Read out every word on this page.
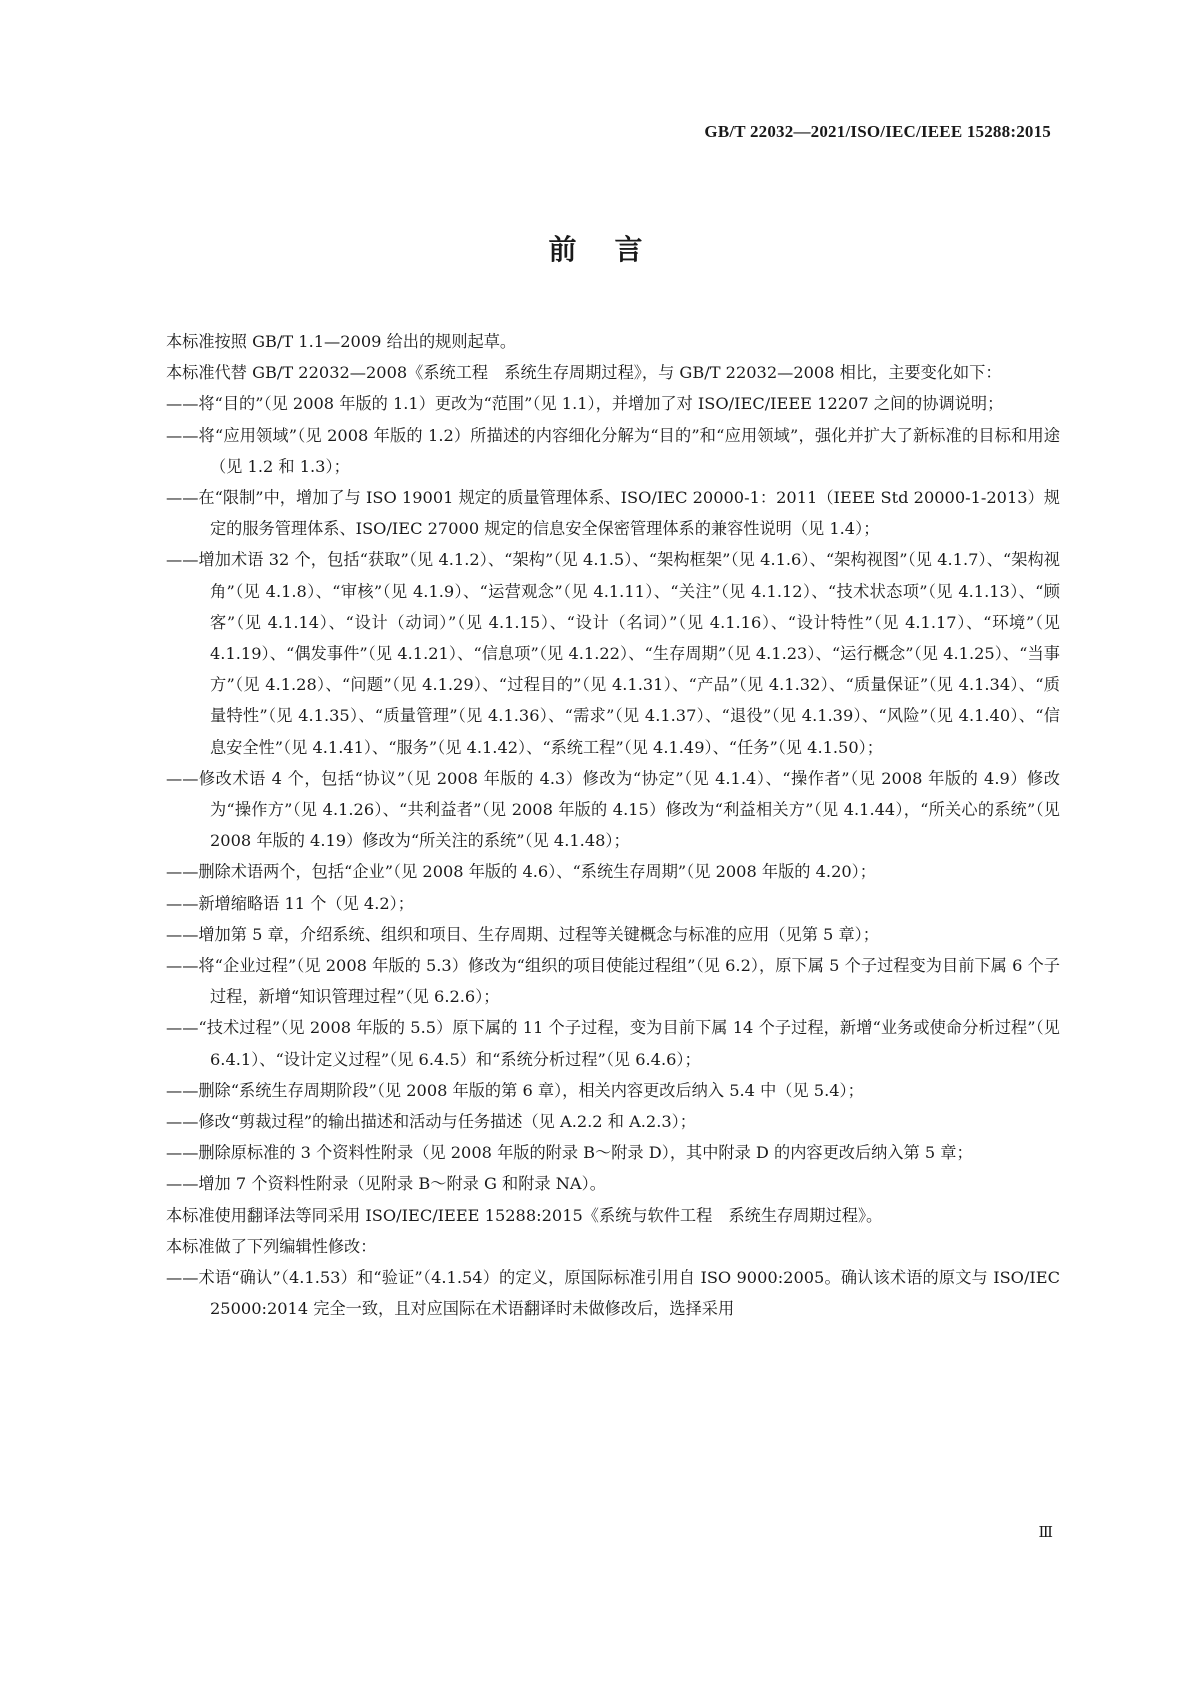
GB/T 22032—2021/ISO/IEC/IEEE 15288:2015
前言

本标准按照 GB/T 1.1—2009 给出的规则起草。

本标准代替 GB/T 22032—2008《系统工程　系统生存周期过程》，与 GB/T 22032—2008 相比，主要变化如下：

——将“目的”（见 2008 年版的 1.1）更改为“范围”（见 1.1），并增加了对 ISO/IEC/IEEE 12207 之间的协调说明；

——将“应用领域”（见 2008 年版的 1.2）所描述的内容细化分解为“目的”和“应用领域”，强化并扩大了新标准的目标和用途（见 1.2 和 1.3）；

——在“限制”中，增加了与 ISO 19001 规定的质量管理体系、ISO/IEC 20000-1：2011（IEEE Std 20000-1-2013）规定的服务管理体系、ISO/IEC 27000 规定的信息安全保密管理体系的兼容性说明（见 1.4）；

——增加术语 32 个，包括“获取”（见 4.1.2）、“架构”（见 4.1.5）、“架构框架”（见 4.1.6）、“架构视图”（见 4.1.7）、“架构视角”（见 4.1.8）、“审核”（见 4.1.9）、“运营观念”（见 4.1.11）、“关注”（见 4.1.12）、“技术状态项”（见 4.1.13）、“顾客”（见 4.1.14）、“设计（动词）”（见 4.1.15）、“设计（名词）”（见 4.1.16）、“设计特性”（见 4.1.17）、“环境”（见 4.1.19）、“偶发事件”（见 4.1.21）、“信息项”（见 4.1.22）、“生存周期”（见 4.1.23）、“运行概念”（见 4.1.25）、“当事方”（见 4.1.28）、“问题”（见 4.1.29）、“过程目的”（见 4.1.31）、“产品”（见 4.1.32）、“质量保证”（见 4.1.34）、“质量特性”（见 4.1.35）、“质量管理”（见 4.1.36）、“需求”（见 4.1.37）、“退役”（见 4.1.39）、“风险”（见 4.1.40）、“信息安全性”（见 4.1.41）、“服务”（见 4.1.42）、“系统工程”（见 4.1.49）、“任务”（见 4.1.50）；

——修改术语 4 个，包括“协议”（见 2008 年版的 4.3）修改为“协定”（见 4.1.4）、“操作者”（见 2008 年版的 4.9）修改为“操作方”（见 4.1.26）、“共利益者”（见 2008 年版的 4.15）修改为“利益相关方”（见 4.1.44），“所关心的系统”（见 2008 年版的 4.19）修改为“所关注的系统”（见 4.1.48）；

——删除术语两个，包括“企业”（见 2008 年版的 4.6）、“系统生存周期”（见 2008 年版的 4.20）；

——新增缩略语 11 个（见 4.2）；

——增加第 5 章，介绍系统、组织和项目、生存周期、过程等关键概念与标准的应用（见第 5 章）；

——将“企业过程”（见 2008 年版的 5.3）修改为“组织的项目使能过程组”（见 6.2），原下属 5 个子过程变为目前下属 6 个子过程，新增“知识管理过程”（见 6.2.6）；

——“技术过程”（见 2008 年版的 5.5）原下属的 11 个子过程，变为目前下属 14 个子过程，新增“业务或使命分析过程”（见 6.4.1）、“设计定义过程”（见 6.4.5）和“系统分析过程”（见 6.4.6）；

——删除“系统生存周期阶段”（见 2008 年版的第 6 章），相关内容更改后纳入 5.4 中（见 5.4）；

——修改“剪裁过程”的输出描述和活动与任务描述（见 A.2.2 和 A.2.3）；

——删除原标准的 3 个资料性附录（见 2008 年版的附录 B～附录 D），其中附录 D 的内容更改后纳入第 5 章；

——增加 7 个资料性附录（见附录 B～附录 G 和附录 NA）。

本标准使用翻译法等同采用 ISO/IEC/IEEE 15288:2015《系统与软件工程　系统生存周期过程》。

本标准做了下列编辑性修改：

——术语“确认”（4.1.53）和“验证”（4.1.54）的定义，原国际标准引用自 ISO 9000:2005。确认该术语的原文与 ISO/IEC 25000:2014 完全一致，且对应国际在术语翻译时未做修改后，选择采用

Ⅲ
